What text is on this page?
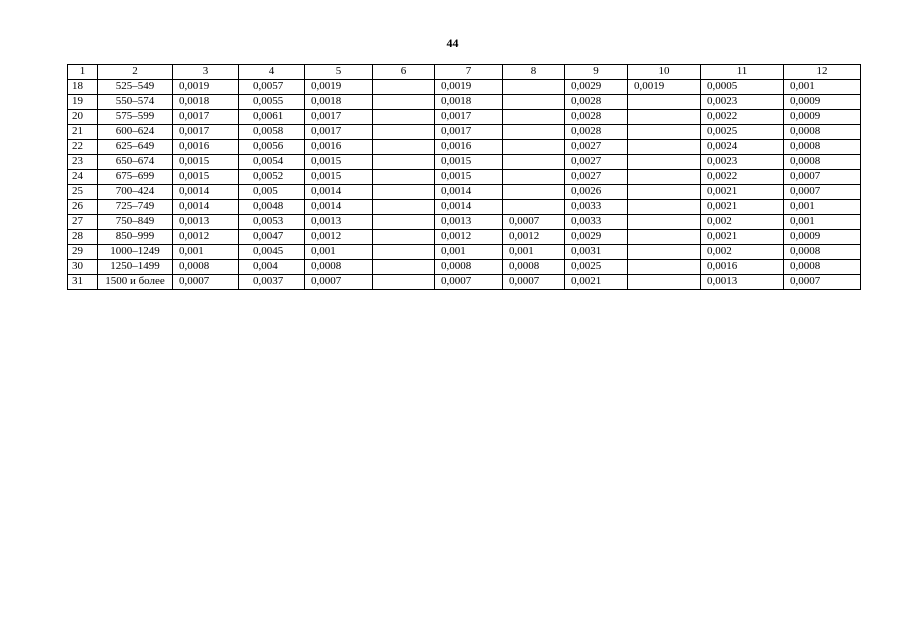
44
1	2	3	4	5	6	7	8	9	10	11	12
18	525–549	0,0019	0,0057	0,0019		0,0019		0,0029	0,0019	0,0005	0,001
19	550–574	0,0018	0,0055	0,0018		0,0018		0,0028		0,0023	0,0009
20	575–599	0,0017	0,0061	0,0017		0,0017		0,0028		0,0022	0,0009
21	600–624	0,0017	0,0058	0,0017		0,0017		0,0028		0,0025	0,0008
22	625–649	0,0016	0,0056	0,0016		0,0016		0,0027		0,0024	0,0008
23	650–674	0,0015	0,0054	0,0015		0,0015		0,0027		0,0023	0,0008
24	675–699	0,0015	0,0052	0,0015		0,0015		0,0027		0,0022	0,0007
25	700–424	0,0014	0,005	0,0014		0,0014		0,0026		0,0021	0,0007
26	725–749	0,0014	0,0048	0,0014		0,0014		0,0033		0,0021	0,001
27	750–849	0,0013	0,0053	0,0013		0,0013	0,0007	0,0033		0,002	0,001
28	850–999	0,0012	0,0047	0,0012		0,0012	0,0012	0,0029		0,0021	0,0009
29	1000–1249	0,001	0,0045	0,001		0,001	0,001	0,0031		0,002	0,0008
30	1250–1499	0,0008	0,004	0,0008		0,0008	0,0008	0,0025		0,0016	0,0008
31	1500 и более	0,0007	0,0037	0,0007		0,0007	0,0007	0,0021		0,0013	0,0007
